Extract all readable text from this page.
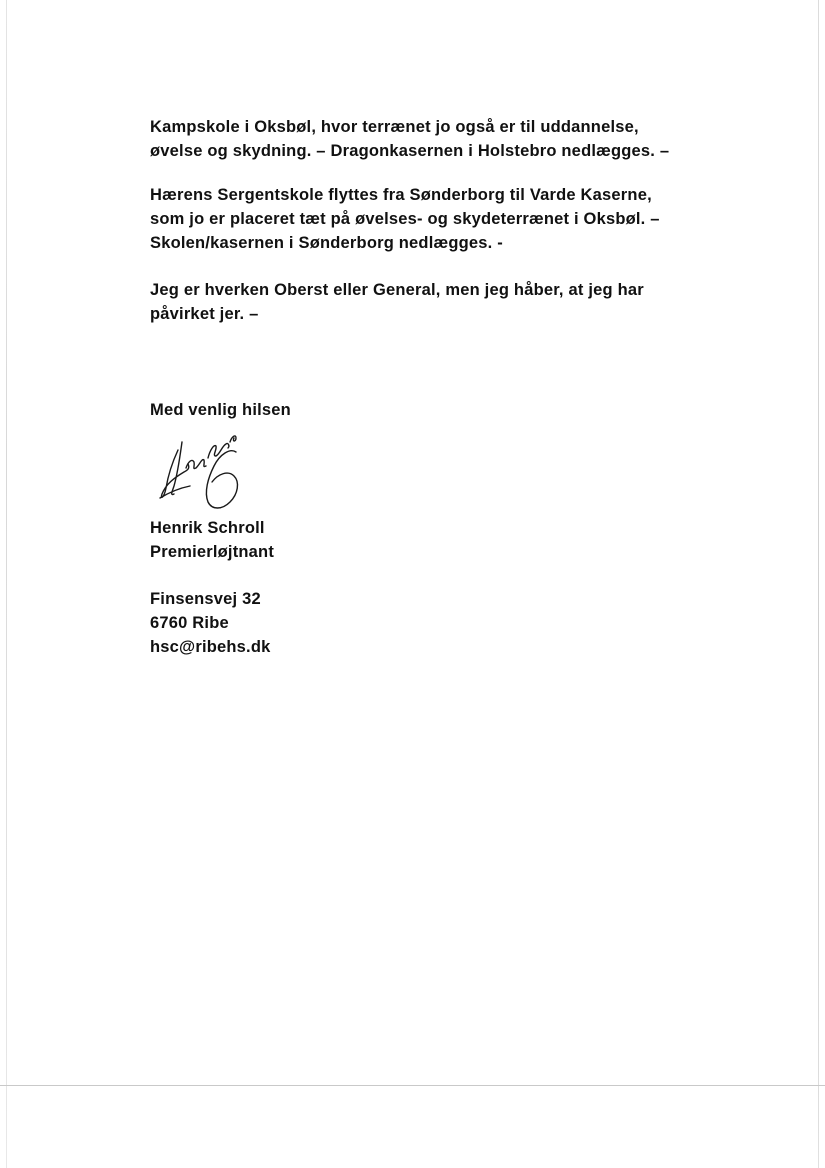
Kampskole i Oksbøl, hvor terrænet jo også er til uddannelse,
øvelse og skydning. – Dragonkasernen i Holstebro nedlægges. –
Hærens Sergentskole flyttes fra Sønderborg til Varde Kaserne,
som jo er placeret tæt på øvelses- og skydeterrænet i Oksbøl. –
Skolen/kasernen i Sønderborg nedlægges. -
Jeg er hverken Oberst eller General, men jeg håber, at jeg har
påvirket jer. –
Med venlig hilsen
Henrik Schroll
Premierløjtnant
Finsensvej 32
6760 Ribe
hsc@ribehs.dk
